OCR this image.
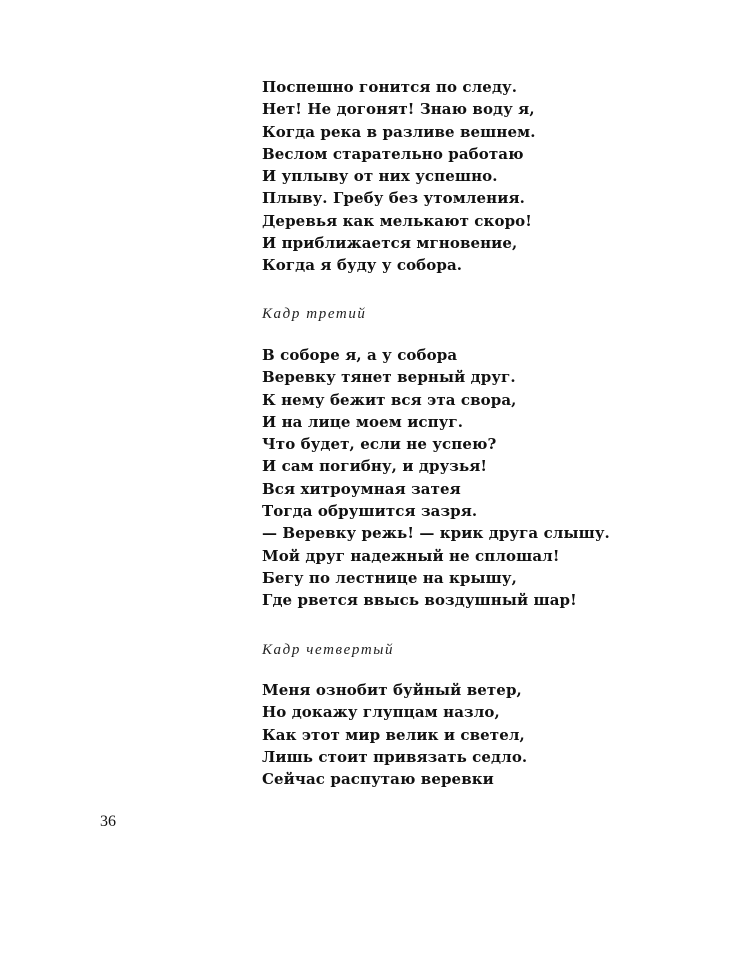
Поспешно гонится по следу.
Нет! Не догонят! Знаю воду я,
Когда река в разливе вешнем.
Веслом старательно работаю
И уплыву от них успешно.
Плыву. Гребу без утомления.
Деревья как мелькают скоро!
И приближается мгновение,
Когда я буду у собора.
Кадр третий
В соборе я, а у собора
Веревку тянет верный друг.
К нему бежит вся эта свора,
И на лице моем испуг.
Что будет, если не успею?
И сам погибну, и друзья!
Вся хитроумная затея
Тогда обрушится зазря.
— Веревку режь! — крик друга слышу.
Мой друг надежный не сплошал!
Бегу по лестнице на крышу,
Где рвется ввысь воздушный шар!
Кадр четвертый
Меня ознобит буйный ветер,
Но докажу глупцам назло,
Как этот мир велик и светел,
Лишь стоит привязать седло.
Сейчас распутаю веревки
36
